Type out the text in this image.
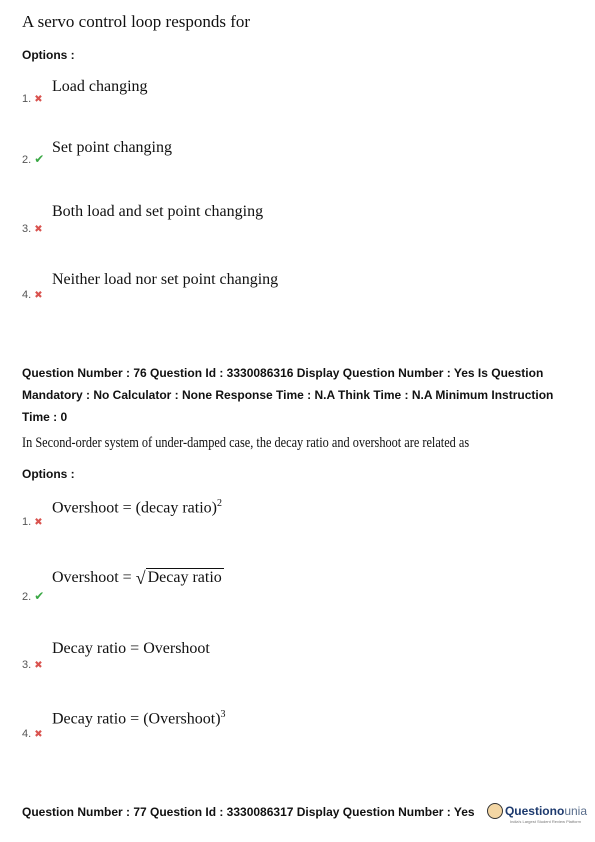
A servo control loop responds for
Options :
1. ✖
Load changing
2. ✔
Set point changing
3. ✖
Both load and set point changing
4. ✖
Neither load nor set point changing
Question Number : 76 Question Id : 3330086316 Display Question Number : Yes Is Question
Mandatory : No Calculator : None Response Time : N.A Think Time : N.A Minimum Instruction
Time : 0
In Second-order system of under-damped case, the decay ratio and overshoot are related as
Options :
1. ✖
Overshoot = (decay ratio)$^2$
2. ✔
Overshoot = √ Decay ratio
3. ✖
Decay ratio = Overshoot
4. ✖
Decay ratio = (Overshoot)$^3$
Question Number : 77 Question Id : 3330086317 Display Question Number : Yes	Questionounia
India's Largest Student Review Platform
